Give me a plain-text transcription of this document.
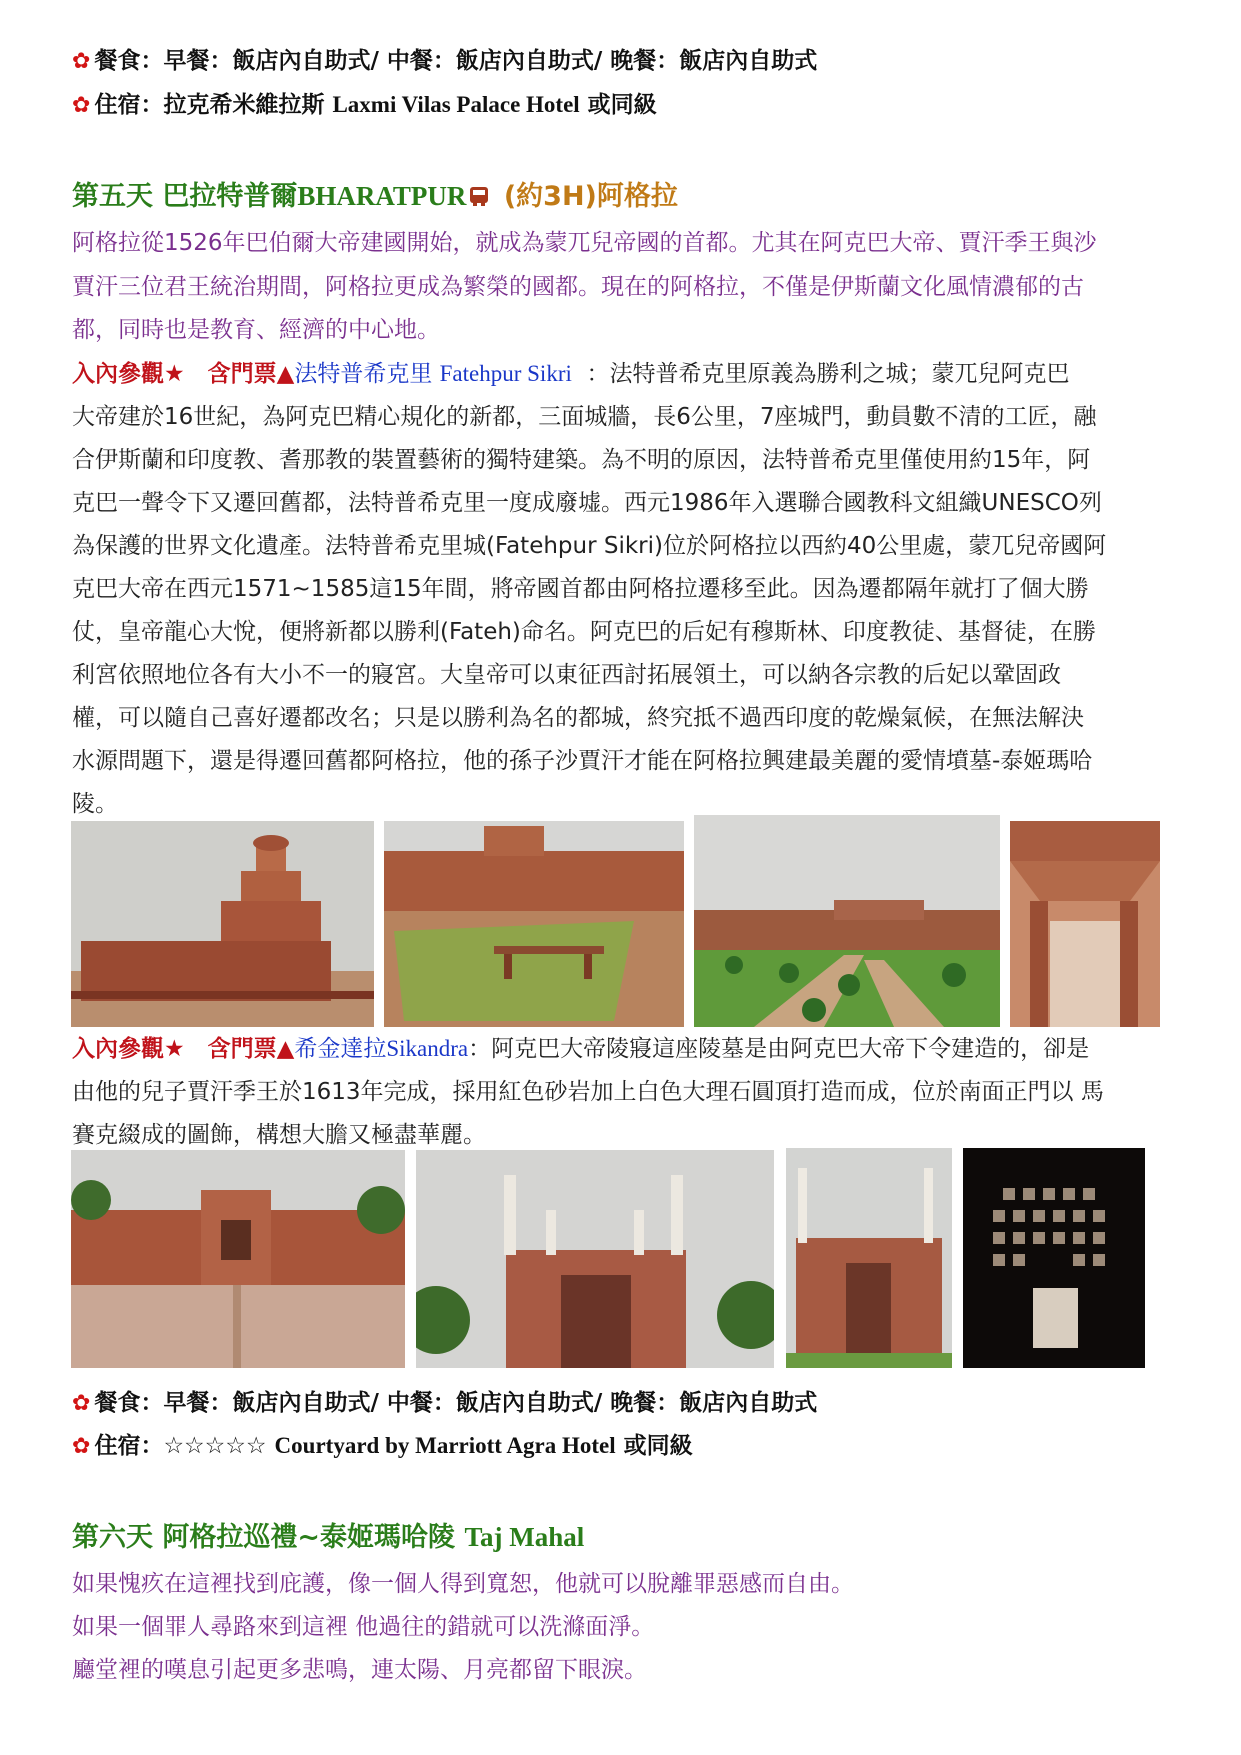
✿ 餐食：早餐：飯店內自助式/ 中餐：飯店內自助式/ 晚餐：飯店內自助式
✿ 住宿：拉克希米維拉斯 Laxmi Vilas Palace Hotel 或同級
第五天 巴拉特普爾BHARATPUR (約3H)阿格拉
阿格拉從1526年巴伯爾大帝建國開始，就成為蒙兀兒帝國的首都。尤其在阿克巴大帝、賈汗季王與沙
賈汗三位君王統治期間，阿格拉更成為繁榮的國都。現在的阿格拉，不僅是伊斯蘭文化風情濃郁的古
都，同時也是教育、經濟的中心地。
入內參觀★　含門票▲法特普希克里 Fatehpur Sikri ：法特普希克里原義為勝利之城；蒙兀兒阿克巴
大帝建於16世紀，為阿克巴精心規化的新都，三面城牆，長6公里，7座城門，動員數不清的工匠，融
合伊斯蘭和印度教、耆那教的裝置藝術的獨特建築。為不明的原因，法特普希克里僅使用約15年，阿
克巴一聲令下又遷回舊都，法特普希克里一度成廢墟。西元1986年入選聯合國教科文組織UNESCO列
為保護的世界文化遺產。法特普希克里城(Fatehpur Sikri)位於阿格拉以西約40公里處，蒙兀兒帝國阿
克巴大帝在西元1571~1585這15年間，將帝國首都由阿格拉遷移至此。因為遷都隔年就打了個大勝
仗，皇帝龍心大悅，便將新都以勝利(Fateh)命名。阿克巴的后妃有穆斯林、印度教徒、基督徒，在勝
利宮依照地位各有大小不一的寢宮。大皇帝可以東征西討拓展領土，可以納各宗教的后妃以鞏固政
權，可以隨自己喜好遷都改名；只是以勝利為名的都城，終究抵不過西印度的乾燥氣候，在無法解決
水源問題下，還是得遷回舊都阿格拉，他的孫子沙賈汗才能在阿格拉興建最美麗的愛情墳墓-泰姬瑪哈
陵。
入內參觀★　含門票▲希金達拉Sikandra：阿克巴大帝陵寢這座陵墓是由阿克巴大帝下令建造的，卻是
由他的兒子賈汗季王於1613年完成，採用紅色砂岩加上白色大理石圓頂打造而成，位於南面正門以 馬
賽克綴成的圖飾，構想大膽又極盡華麗。
✿ 餐食：早餐：飯店內自助式/ 中餐：飯店內自助式/ 晚餐：飯店內自助式
✿ 住宿：☆☆☆☆☆ Courtyard by Marriott Agra Hotel 或同級
第六天 阿格拉巡禮~泰姬瑪哈陵 Taj Mahal
如果愧疚在這裡找到庇護，像一個人得到寬恕，他就可以脫離罪惡感而自由。
如果一個罪人尋路來到這裡 他過往的錯就可以洗滌面淨。
廳堂裡的嘆息引起更多悲鳴，連太陽、月亮都留下眼淚。
